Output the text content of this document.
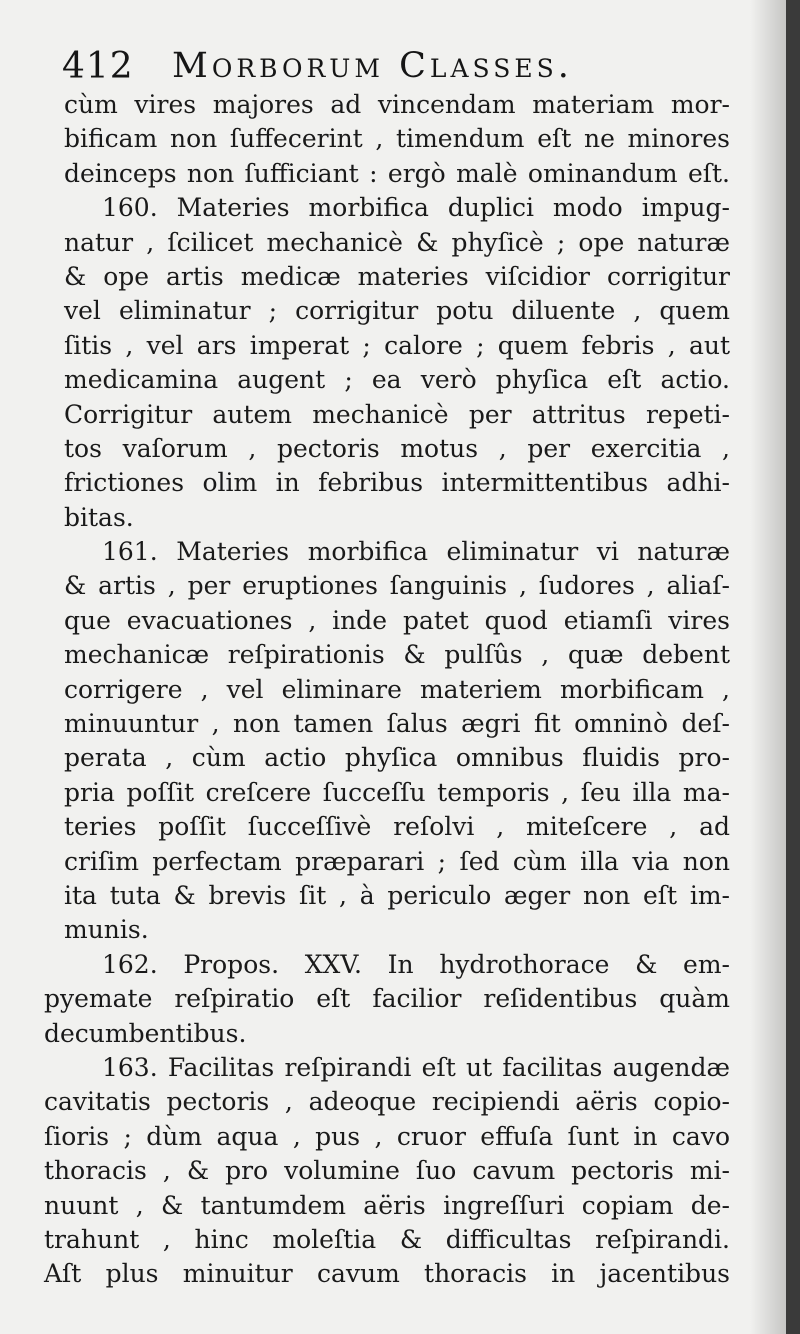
412 Morborum Classes.
cùm vires majores ad vincendam materiam mor-
bificam non ſuffecerint , timendum eſt ne minores
deinceps non ſufficiant : ergò malè ominandum eſt.
160. Materies morbifica duplici modo impug-
natur , ſcilicet mechanicè & phyſicè ; ope naturæ
& ope artis medicæ materies viſcidior corrigitur
vel eliminatur ; corrigitur potu diluente , quem
ſitis , vel ars imperat ; calore ; quem febris , aut
medicamina augent ; ea verò phyſica eſt actio.
Corrigitur autem mechanicè per attritus repeti-
tos vaſorum , pectoris motus , per exercitia ,
frictiones olim in febribus intermittentibus adhi-
bitas.
161. Materies morbifica eliminatur vi naturæ
& artis , per eruptiones ſanguinis , ſudores , aliaſ-
que evacuationes , inde patet quod etiamſi vires
mechanicæ reſpirationis & pulſûs , quæ debent
corrigere , vel eliminare materiem morbificam ,
minuuntur , non tamen ſalus ægri fit omninò deſ-
perata , cùm actio phyſica omnibus fluidis pro-
pria poſſit creſcere ſucceſſu temporis , ſeu illa ma-
teries poſſit ſucceſſivè reſolvi , miteſcere , ad
criſim perfectam præparari ; ſed cùm illa via non
ita tuta & brevis ſit , à periculo æger non eſt im-
munis.
162. Propos. XXV. In hydrothorace & em-
pyemate reſpiratio eſt facilior reſidentibus quàm
decumbentibus.
163. Facilitas reſpirandi eſt ut facilitas augendæ
cavitatis pectoris , adeoque recipiendi aëris copio-
ſioris ; dùm aqua , pus , cruor effuſa ſunt in cavo
thoracis , & pro volumine ſuo cavum pectoris mi-
nuunt , & tantumdem aëris ingreſſuri copiam de-
trahunt , hinc moleſtia & difficultas reſpirandi.
Aſt plus minuitur cavum thoracis in jacentibus
